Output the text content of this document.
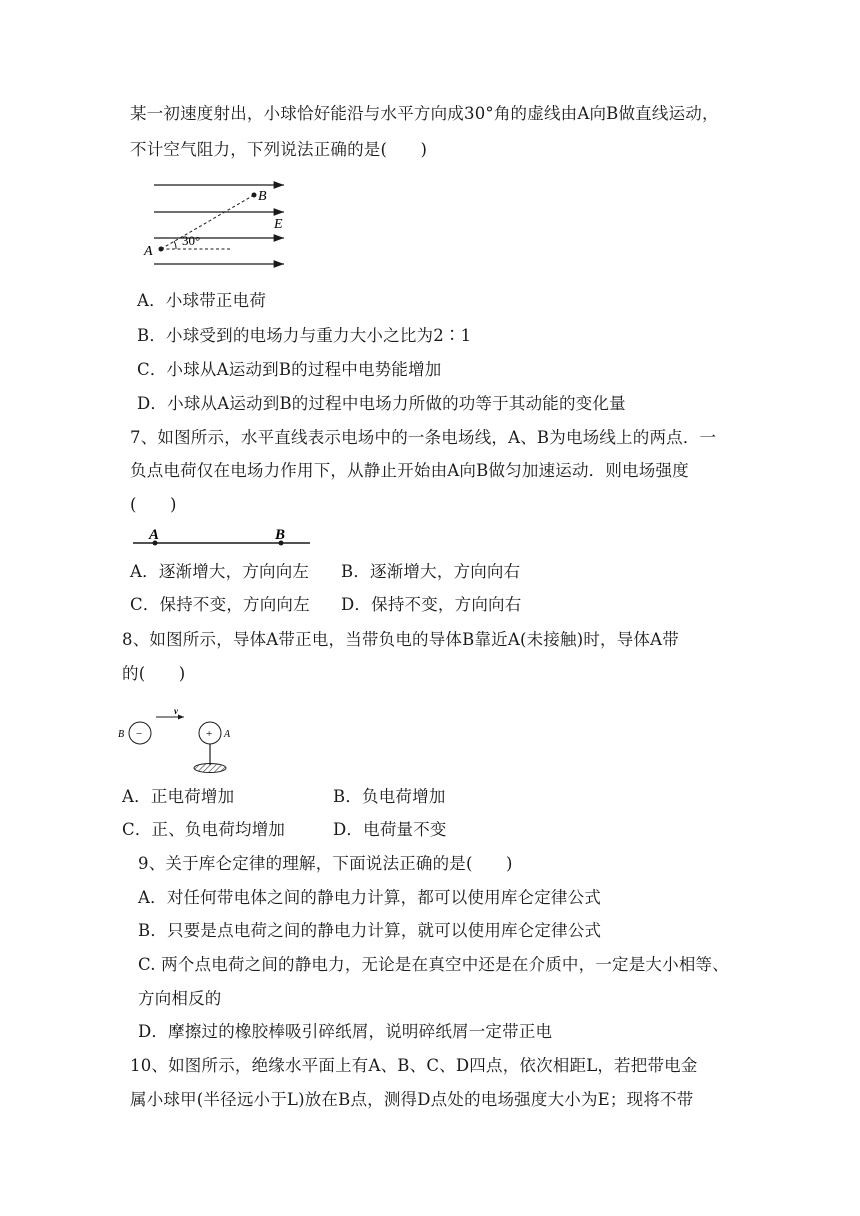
某一初速度射出，小球恰好能沿与水平方向成30°角的虚线由A向B做直线运动，
不计空气阻力，下列说法正确的是(　　)
B
E
A
30°
A．小球带正电荷
B．小球受到的电场力与重力大小之比为2∶1
C．小球从A运动到B的过程中电势能增加
D．小球从A运动到B的过程中电场力所做的功等于其动能的变化量
7、如图所示，水平直线表示电场中的一条电场线，A、B为电场线上的两点．一
负点电荷仅在电场力作用下，从静止开始由A向B做匀加速运动．则电场强度
(　　)
A	B
A．逐渐增大，方向向左 B．逐渐增大，方向向右
C．保持不变，方向向左 D．保持不变，方向向右
8、如图所示，导体A带正电，当带负电的导体B靠近A(未接触)时，导体A带
的(　　)
B −
v
+ A
A．正电荷增加	B．负电荷增加
C．正、负电荷均增加	D．电荷量不变
9、关于库仑定律的理解，下面说法正确的是(　　)
A．对任何带电体之间的静电力计算，都可以使用库仑定律公式
B．只要是点电荷之间的静电力计算，就可以使用库仑定律公式
C. 两个点电荷之间的静电力，无论是在真空中还是在介质中，一定是大小相等、
方向相反的
D．摩擦过的橡胶棒吸引碎纸屑，说明碎纸屑一定带正电
10、如图所示，绝缘水平面上有A、B、C、D四点，依次相距L，若把带电金
属小球甲(半径远小于L)放在B点，测得D点处的电场强度大小为E；现将不带
